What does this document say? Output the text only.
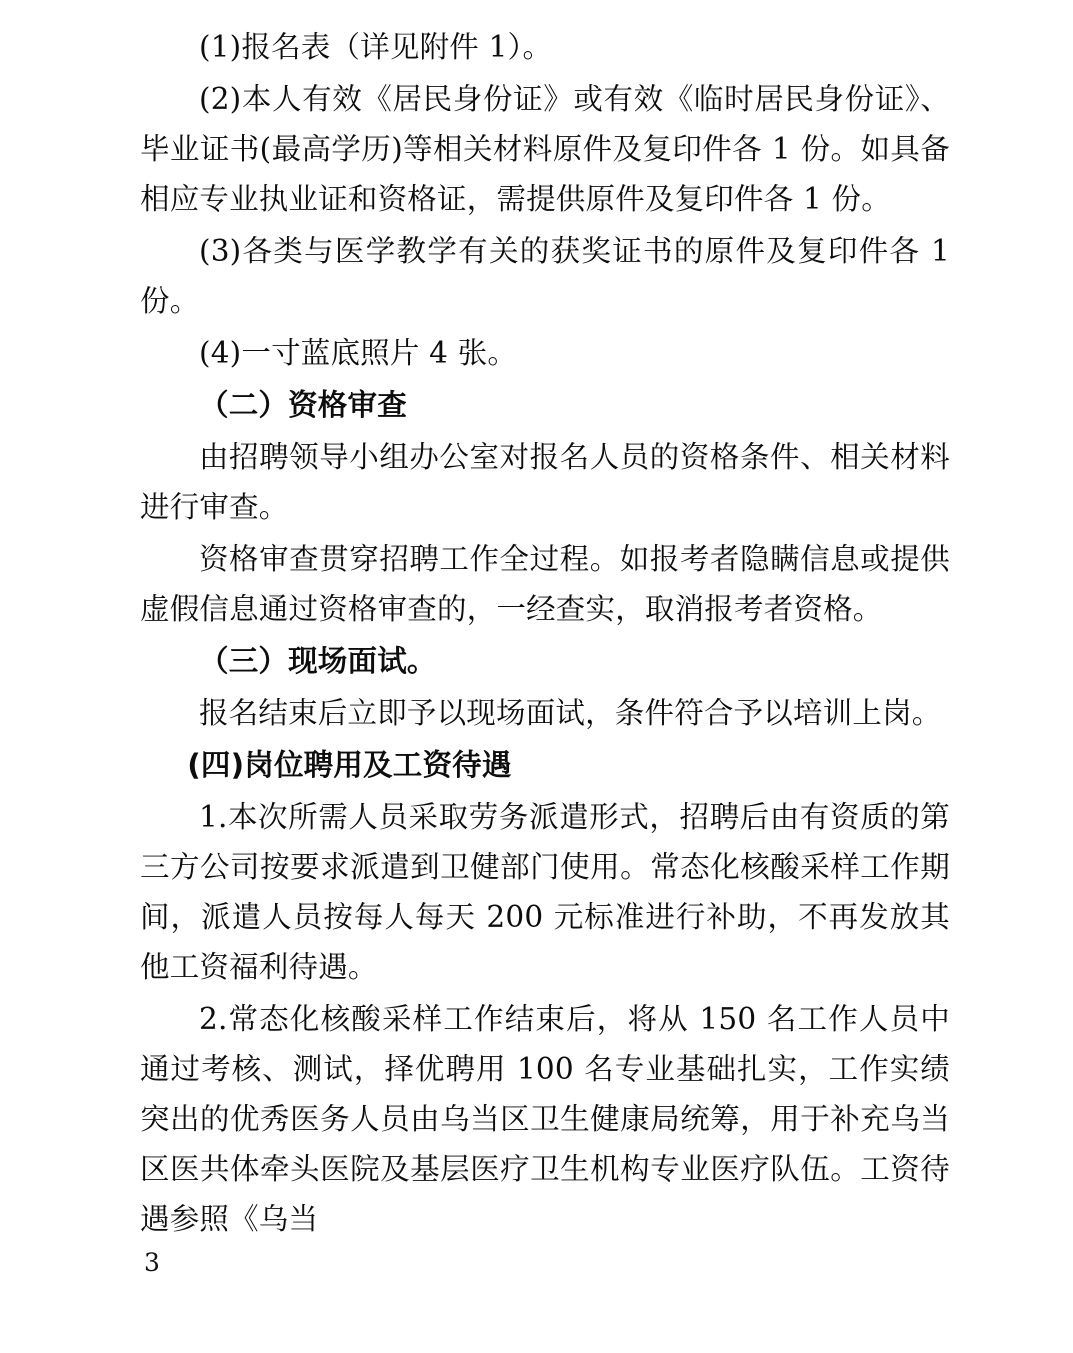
(1)报名表（详见附件 1）。

(2)本人有效《居民身份证》或有效《临时居民身份证》、毕业证书(最高学历)等相关材料原件及复印件各 1 份。如具备相应专业执业证和资格证，需提供原件及复印件各 1 份。

(3)各类与医学教学有关的获奖证书的原件及复印件各 1 份。

(4)一寸蓝底照片 4 张。

（二）资格审查

由招聘领导小组办公室对报名人员的资格条件、相关材料进行审查。

资格审查贯穿招聘工作全过程。如报考者隐瞒信息或提供虚假信息通过资格审查的，一经查实，取消报考者资格。

（三）现场面试。

报名结束后立即予以现场面试，条件符合予以培训上岗。

(四)岗位聘用及工资待遇

1.本次所需人员采取劳务派遣形式，招聘后由有资质的第三方公司按要求派遣到卫健部门使用。常态化核酸采样工作期间，派遣人员按每人每天 200 元标准进行补助，不再发放其他工资福利待遇。

2.常态化核酸采样工作结束后，将从 150 名工作人员中通过考核、测试，择优聘用 100 名专业基础扎实，工作实绩突出的优秀医务人员由乌当区卫生健康局统筹，用于补充乌当区医共体牵头医院及基层医疗卫生机构专业医疗队伍。工资待遇参照《乌当

3
